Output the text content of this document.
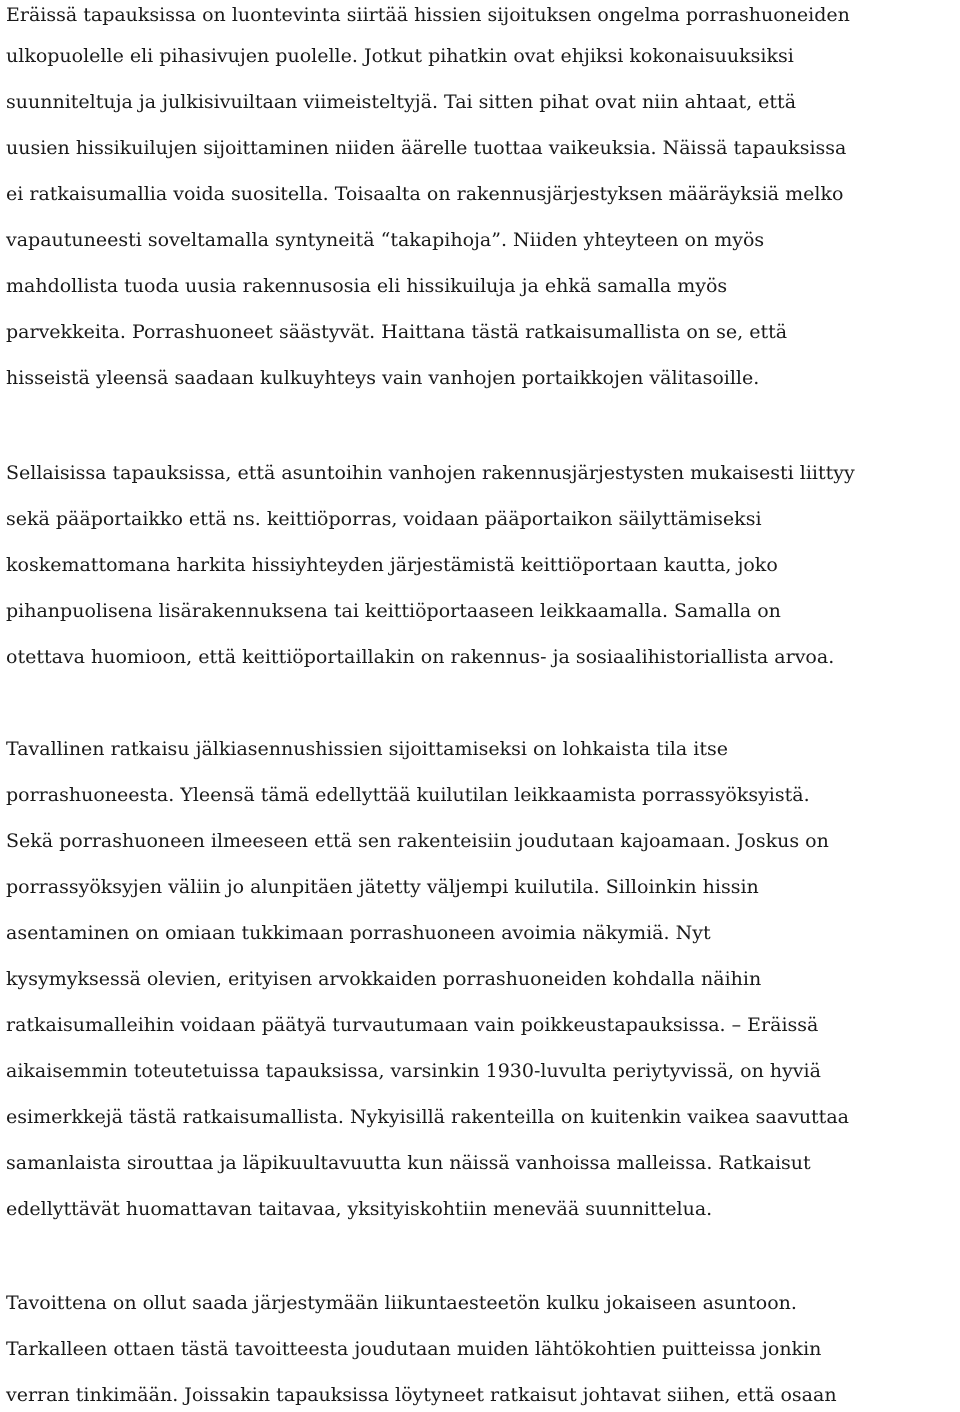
Eräissä tapauksissa on luontevinta siirtää hissien sijoituksen ongelma porrashuoneiden
ulkopuolelle eli pihasivujen puolelle. Jotkut pihatkin ovat ehjiksi kokonaisuuksiksi
suunniteltuja ja julkisivuiltaan viimeisteltyjä. Tai sitten pihat ovat niin ahtaat, että
uusien hissikuilujen sijoittaminen niiden äärelle tuottaa vaikeuksia. Näissä tapauksissa
ei ratkaisumallia voida suositella. Toisaalta on rakennusjärjestyksen määräyksiä melko
vapautuneesti soveltamalla syntyneitä “takapihoja”. Niiden yhteyteen on myös
mahdollista tuoda uusia rakennusosia eli hissikuiluja ja ehkä samalla myös
parvekkeita. Porrashuoneet säästyvät. Haittana tästä ratkaisumallista on se, että
hisseistä yleensä saadaan kulkuyhteys vain vanhojen portaikkojen välitasoille.
Sellaisissa tapauksissa, että asuntoihin vanhojen rakennusjärjestysten mukaisesti liittyy
sekä pääportaikko että ns. keittiöporras, voidaan pääportaikon säilyttämiseksi
koskemattomana harkita hissiyhteyden järjestämistä keittiöportaan kautta, joko
pihanpuolisena lisärakennuksena tai keittiöportaaseen leikkaamalla. Samalla on
otettava huomioon, että keittiöportaillakin on rakennus- ja sosiaalihistoriallista arvoa.
Tavallinen ratkaisu jälkiasennushissien sijoittamiseksi on lohkaista tila itse
porrashuoneesta. Yleensä tämä edellyttää kuilutilan leikkaamista porrassyöksyistä.
Sekä porrashuoneen ilmeeseen että sen rakenteisiin joudutaan kajoamaan. Joskus on
porrassyöksyjen väliin jo alunpitäen jätetty väljempi kuilutila. Silloinkin hissin
asentaminen on omiaan tukkimaan porrashuoneen avoimia näkymiä. Nyt
kysymyksessä olevien, erityisen arvokkaiden porrashuoneiden kohdalla näihin
ratkaisumalleihin voidaan päätyä turvautumaan vain poikkeustapauksissa. – Eräissä
aikaisemmin toteutetuissa tapauksissa, varsinkin 1930-luvulta periytyvissä, on hyviä
esimerkkejä tästä ratkaisumallista. Nykyisillä rakenteilla on kuitenkin vaikea saavuttaa
samanlaista sirouttaa ja läpikuultavuutta kun näissä vanhoissa malleissa. Ratkaisut
edellyttävät huomattavan taitavaa, yksityiskohtiin menevää suunnittelua.
Tavoittena on ollut saada järjestymään liikuntaesteetön kulku jokaiseen asuntoon.
Tarkalleen ottaen tästä tavoitteesta joudutaan muiden lähtökohtien puitteissa jonkin
verran tinkimään. Joissakin tapauksissa löytyneet ratkaisut johtavat siihen, että osaan
